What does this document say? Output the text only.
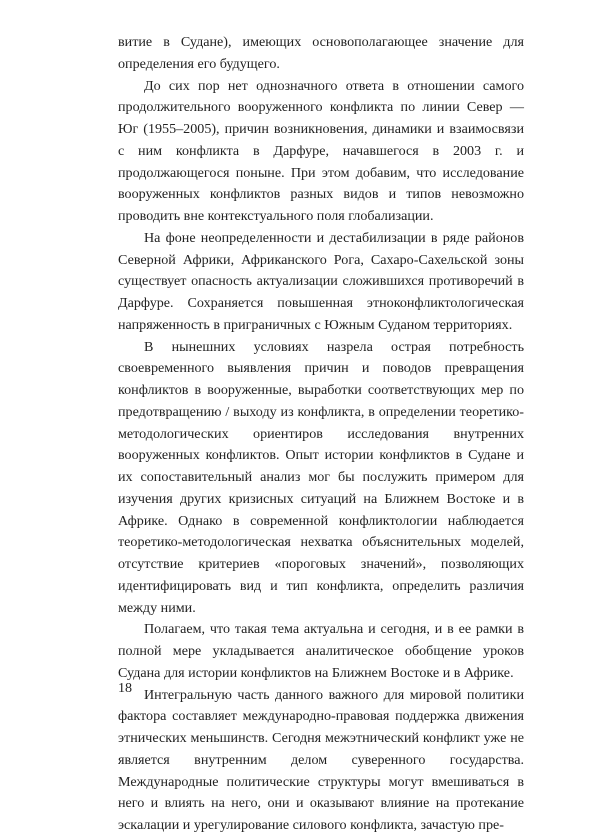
витие в Судане), имеющих основополагающее значение для определения его будущего.

До сих пор нет однозначного ответа в отношении самого продолжительного вооруженного конфликта по линии Север — Юг (1955–2005), причин возникновения, динамики и взаимосвязи с ним конфликта в Дарфуре, начавшегося в 2003 г. и продолжающегося поныне. При этом добавим, что исследование вооруженных конфликтов разных видов и типов невозможно проводить вне контекстуального поля глобализации.

На фоне неопределенности и дестабилизации в ряде районов Северной Африки, Африканского Рога, Сахаро-Сахельской зоны существует опасность актуализации сложившихся противоречий в Дарфуре. Сохраняется повышенная этноконфликтологическая напряженность в приграничных с Южным Суданом территориях.

В нынешних условиях назрела острая потребность своевременного выявления причин и поводов превращения конфликтов в вооруженные, выработки соответствующих мер по предотвращению / выходу из конфликта, в определении теоретико-методологических ориентиров исследования внутренних вооруженных конфликтов. Опыт истории конфликтов в Судане и их сопоставительный анализ мог бы послужить примером для изучения других кризисных ситуаций на Ближнем Востоке и в Африке. Однако в современной конфликтологии наблюдается теоретико-методологическая нехватка объяснительных моделей, отсутствие критериев «пороговых значений», позволяющих идентифицировать вид и тип конфликта, определить различия между ними.

Полагаем, что такая тема актуальна и сегодня, и в ее рамки в полной мере укладывается аналитическое обобщение уроков Судана для истории конфликтов на Ближнем Востоке и в Африке.

Интегральную часть данного важного для мировой политики фактора составляет международно-правовая поддержка движения этнических меньшинств. Сегодня межэтнический конфликт уже не является внутренним делом суверенного государства. Международные политические структуры могут вмешиваться в него и влиять на него, они и оказывают влияние на протекание эскалации и урегулирование силового конфликта, зачастую пре-

18
